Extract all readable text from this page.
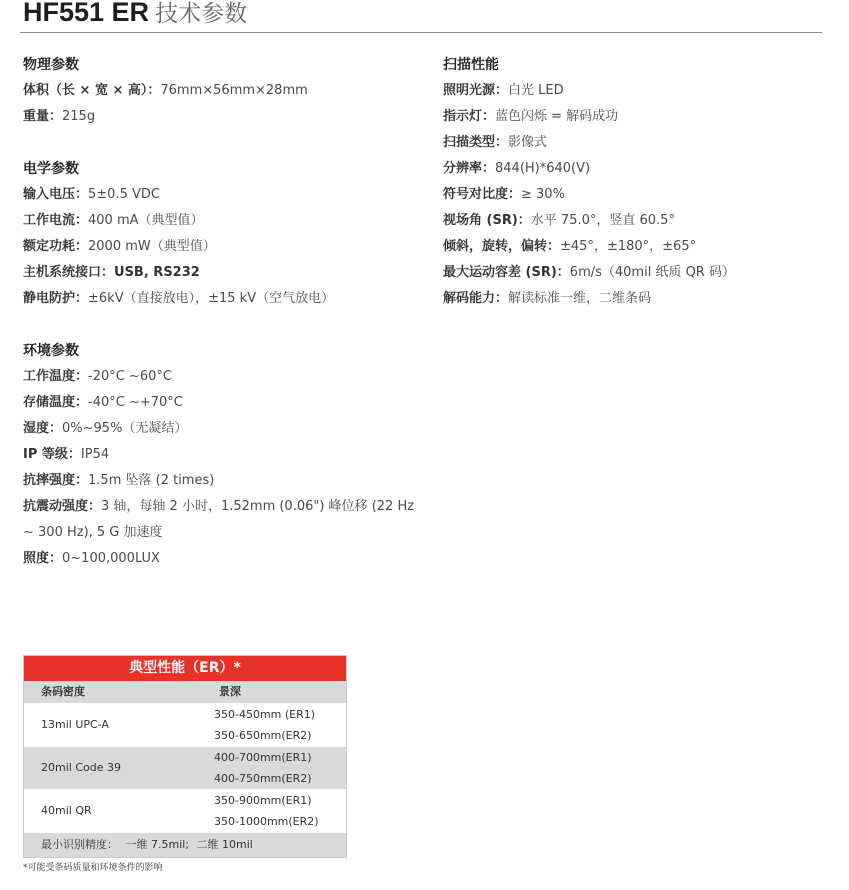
HF551 ER 技术参数

物理参数

体积（长 × 宽 × 高）：76mm×56mm×28mm

重量：215g

电学参数

输入电压：5±0.5 VDC

工作电流：400 mA（典型值）

额定功耗：2000 mW（典型值）

主机系统接口：USB, RS232

静电防护：±6kV（直接放电），±15 kV（空气放电）

环境参数

工作温度：-20°C ~60°C

存储温度：-40°C ~+70°C

湿度：0%~95%（无凝结）

IP 等级：IP54

抗摔强度：1.5m 坠落 (2 times)

抗震动强度：3 轴，每轴 2 小时，1.52mm (0.06") 峰位移 (22 Hz ~ 300 Hz), 5 G 加速度

照度：0~100,000LUX

扫描性能

照明光源：白光 LED

指示灯：蓝色闪烁 = 解码成功

扫描类型：影像式

分辨率：844(H)*640(V)

符号对比度：≥ 30%

视场角 (SR)：水平 75.0°，竖直 60.5°

倾斜，旋转，偏转：±45°，±180°，±65°

最大运动容差 (SR)：6m/s（40mil 纸质 QR 码）

解码能力：解读标准一维，二维条码

典型性能（ER）*
条码密度	景深
13mil UPC-A
350-450mm (ER1)
350-650mm(ER2)
20mil Code 39
400-700mm(ER1)
400-750mm(ER2)
40mil QR
350-900mm(ER1)
350-1000mm(ER2)
最小识别精度： 一维 7.5mil; 二维 10mil
*可能受条码质量和环境条件的影响
